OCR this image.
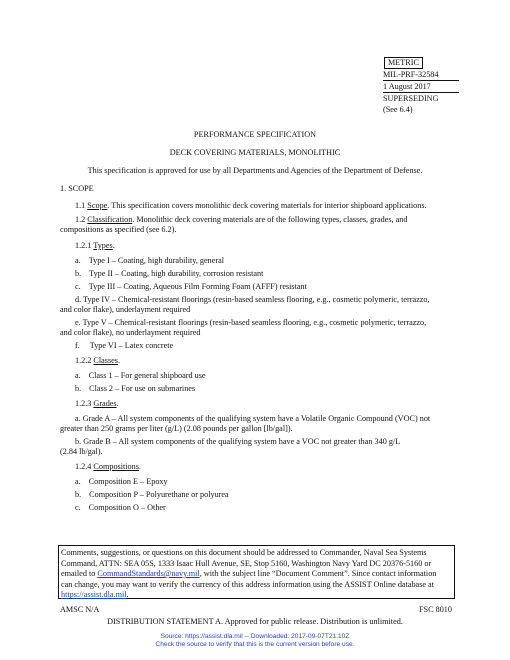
METRIC
MIL-PRF-32584
1 August 2017
SUPERSEDING
(See 6.4)
PERFORMANCE SPECIFICATION
DECK COVERING MATERIALS, MONOLITHIC
This specification is approved for use by all Departments and Agencies of the Department of Defense.
1. SCOPE
1.1 Scope. This specification covers monolithic deck covering materials for interior shipboard applications.
1.2 Classification. Monolithic deck covering materials are of the following types, classes, grades, and
compositions as specified (see 6.2).
1.2.1 Types.
a. Type I – Coating, high durability, general
b. Type II – Coating, high durability, corrosion resistant
c. Type III – Coating, Aqueous Film Forming Foam (AFFF) resistant
d. Type IV – Chemical-resistant floorings (resin-based seamless flooring, e.g., cosmetic polymeric, terrazzo,
and color flake), underlayment required
e. Type V – Chemical-resistant floorings (resin-based seamless flooring, e.g., cosmetic polymeric, terrazzo,
and color flake), no underlayment required
f. Type VI – Latex concrete
1.2.2 Classes.
a. Class 1 – For general shipboard use
b. Class 2 – For use on submarines
1.2.3 Grades.
a. Grade A – All system components of the qualifying system have a Volatile Organic Compound (VOC) not
greater than 250 grams per liter (g/L) (2.08 pounds per gallon [lb/gal]).
b. Grade B – All system components of the qualifying system have a VOC not greater than 340 g/L
(2.84 lb/gal).
1.2.4 Compositions.
a. Composition E – Epoxy
b. Composition P – Polyurethane or polyurea
c. Composition O – Other
Comments, suggestions, or questions on this document should be addressed to Commander, Naval Sea Systems
Command, ATTN: SEA 05S, 1333 Isaac Hull Avenue, SE, Stop 5160, Washington Navy Yard DC 20376-5160 or
emailed to CommandStandards@navy.mil, with the subject line “Document Comment”. Since contact information
can change, you may want to verify the currency of this address information using the ASSIST Online database at
https://assist.dla.mil.
AMSC N/A	FSC 8010
DISTRIBUTION STATEMENT A. Approved for public release. Distribution is unlimited.
Source: https://assist.dla.mil -- Downloaded: 2017-09-07T21:10Z
Check the source to verify that this is the current version before use.
